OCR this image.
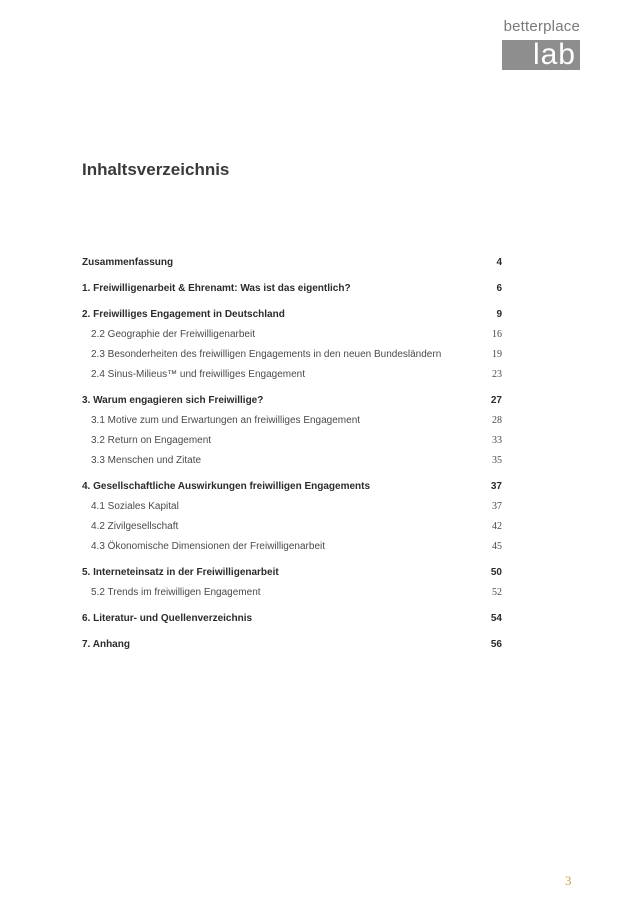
betterplace
lab
Inhaltsverzeichnis
Zusammenfassung	4
1. Freiwilligenarbeit & Ehrenamt: Was ist das eigentlich?	6
2. Freiwilliges Engagement in Deutschland	9
2.2 Geographie der Freiwilligenarbeit	16
2.3 Besonderheiten des freiwilligen Engagements in den neuen Bundesländern	19
2.4 Sinus-Milieus™ und freiwilliges Engagement	23
3. Warum engagieren sich Freiwillige?	27
3.1 Motive zum und Erwartungen an freiwilliges Engagement	28
3.2 Return on Engagement	33
3.3 Menschen und Zitate	35
4. Gesellschaftliche Auswirkungen freiwilligen Engagements	37
4.1 Soziales Kapital	37
4.2 Zivilgesellschaft	42
4.3 Ökonomische Dimensionen der Freiwilligenarbeit	45
5. Interneteinsatz in der Freiwilligenarbeit	50
5.2 Trends im freiwilligen Engagement	52
6. Literatur- und Quellenverzeichnis	54
7. Anhang	56
3
